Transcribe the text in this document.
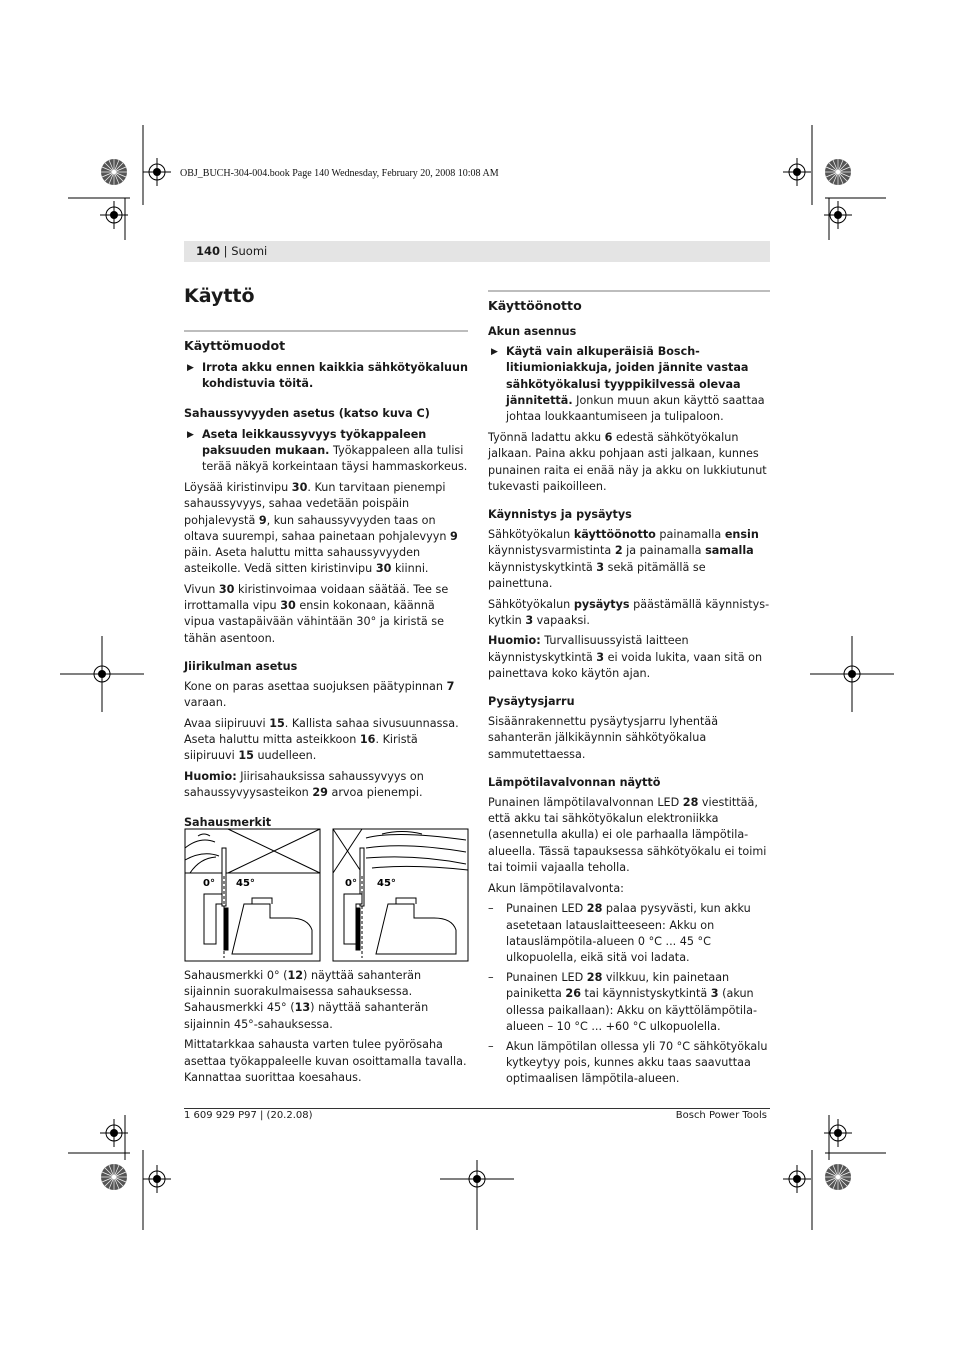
OBJ_BUCH-304-004.book Page 140 Wednesday, February 20, 2008 10:08 AM
140 | Suomi
Käyttö
Käyttömuodot
▶ Irrota akku ennen kaikkia sähkötyökaluun kohdistuvia töitä.
Sahaussyvyyden asetus (katso kuva C)
▶ Aseta leikkaussyvyys työkappaleen paksuuden mukaan. Työkappaleen alla tulisi terää näkyä korkeintaan täysi hammaskorkeus.

Löysää kiristinvipu 30. Kun tarvitaan pienempi sahaussyvyys, sahaa vedetään poispäin pohjalevystä 9, kun sahaussyvyyden taas on oltava suurempi, sahaa painetaan pohjalevyyn 9 päin. Aseta haluttu mitta sahaussyvyyden asteikolle. Vedä sitten kiristinvipu 30 kiinni.

Vivun 30 kiristinvoimaa voidaan säätää. Tee se irrottamalla vipu 30 ensin kokonaan, käännä vipua vastapäivään vähintään 30° ja kiristä se tähän asentoon.

Jiirikulman asetus

Kone on paras asettaa suojuksen päätypinnan 7 varaan.

Avaa siipiruuvi 15. Kallista sahaa sivusuunnassa. Aseta haluttu mitta asteikkoon 16. Kiristä siipiruuvi 15 uudelleen.

Huomio: Jiirisahauksissa sahaussyvyys on sahaussyvyysasteikon 29 arvoa pienempi.

Sahausmerkit
0° 45°	0° 45°

Sahausmerkki 0° (12) näyttää sahanterän sijainnin suorakulmaisessa sahauksessa. Sahausmerkki 45° (13) näyttää sahanterän sijainnin 45°-sahauksessa.

Mittatarkkaa sahausta varten tulee pyörösaha asettaa työkappaleelle kuvan osoittamalla tavalla. Kannattaa suorittaa koesahaus.

Käyttöönotto
Akun asennus
▶ Käytä vain alkuperäisiä Bosch-litiumioniakkuja, joiden jännite vastaa sähkötyökalusi tyyppikilvessä olevaa jännitettä. Jonkun muun akun käyttö saattaa johtaa loukkaantumiseen ja tulipaloon.

Työnnä ladattu akku 6 edestä sähkötyökalun jalkaan. Paina akku pohjaan asti jalkaan, kunnes punainen raita ei enää näy ja akku on lukkiutunut tukevasti paikoilleen.

Käynnistys ja pysäytys

Sähkötyökalun käyttöönotto painamalla ensin käynnistysvarmistinta 2 ja painamalla samalla käynnistyskytkintä 3 sekä pitämällä se painettuna.

Sähkötyökalun pysäytys päästämällä käynnistys- kytkin 3 vapaaksi.

Huomio: Turvallisuussyistä laitteen käynnistyskytkintä 3 ei voida lukita, vaan sitä on painettava koko käytön ajan.

Pysäytysjarru

Sisäänrakennettu pysäytysjarru lyhentää sahanterän jälkikäynnin sähkötyökalua sammutettaessa.

Lämpötilavalvonnan näyttö

Punainen lämpötilavalvonnan LED 28 viestittää, että akku tai sähkötyökalun elektroniikka (asennetulla akulla) ei ole parhaalla lämpötila-alueella. Tässä tapauksessa sähkötyökalu ei toimi tai toimii vajaalla teholla.

Akun lämpötilavalvonta:

– Punainen LED 28 palaa pysyvästi, kun akku asetetaan latauslaitteeseen: Akku on latauslämpötila-alueen 0 °C ... 45 °C ulkopuolella, eikä sitä voi ladata.
– Punainen LED 28 vilkkuu, kin painetaan painiketta 26 tai käynnistyskytkintä 3 (akun ollessa paikallaan): Akku on käyttölämpötila-alueen – 10 °C ... +60 °C ulkopuolella.
– Akun lämpötilan ollessa yli 70 °C sähkötyökalu kytkeytyy pois, kunnes akku taas saavuttaa optimaalisen lämpötila-alueen.
1 609 929 P97 | (20.2.08)	Bosch Power Tools
